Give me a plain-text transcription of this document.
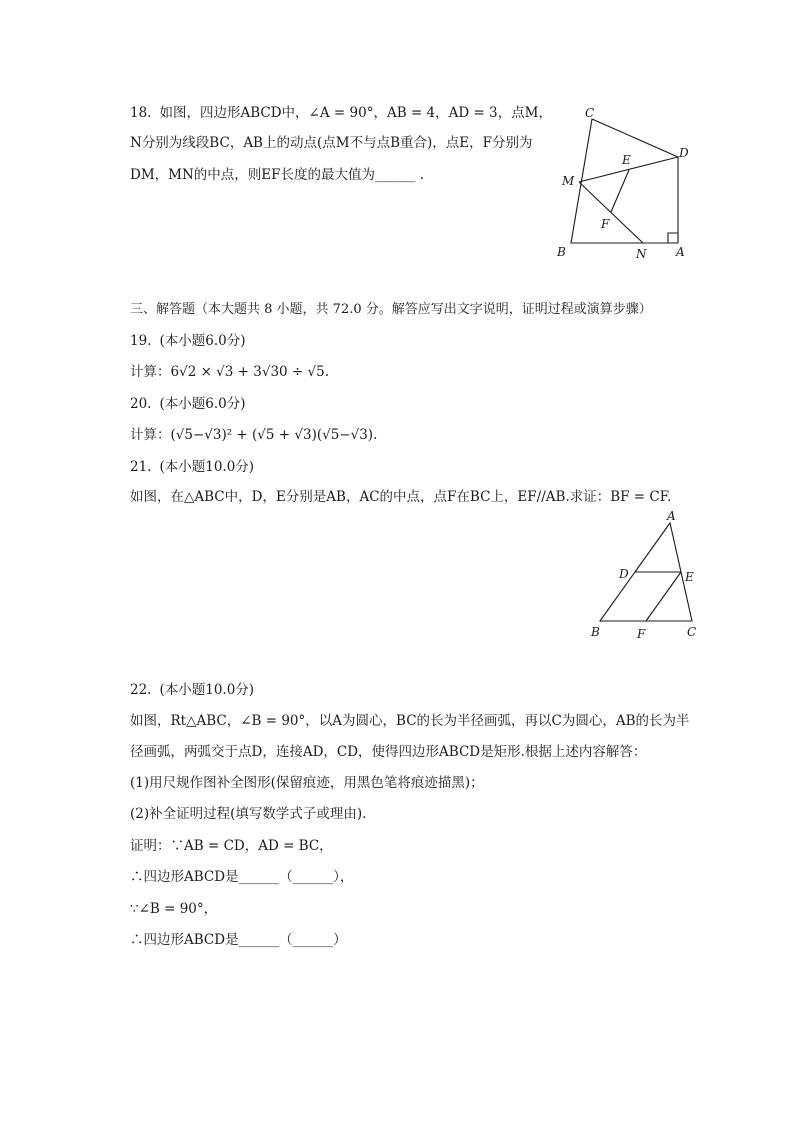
18. 如图，四边形ABCD中，∠A = 90°，AB = 4，AD = 3，点M，
N分别为线段BC，AB上的动点(点M不与点B重合)，点E，F分别为
DM，MN的中点，则EF长度的最大值为______ .
C
D
E
M
F
B	N A
三、解答题（本大题共 8 小题，共 72.0 分。解答应写出文字说明，证明过程或演算步骤）
19. (本小题6.0分)
计算：6√2 × √3 + 3√30 ÷ √5.
20. (本小题6.0分)
计算：(√5−√3)² + (√5 + √3)(√5−√3).
21. (本小题10.0分)
如图，在△ABC中，D，E分别是AB，AC的中点，点F在BC上，EF//AB.求证：BF = CF.
A
D	E
B	F	C
22. (本小题10.0分)
如图，Rt△ABC，∠B = 90°，以A为圆心，BC的长为半径画弧，再以C为圆心，AB的长为半
径画弧，两弧交于点D，连接AD，CD，使得四边形ABCD是矩形.根据上述内容解答：
(1)用尺规作图补全图形(保留痕迹，用黑色笔将痕迹描黑)；
(2)补全证明过程(填写数学式子或理由).
证明：∵AB = CD，AD = BC，
∴四边形ABCD是______（______），
∵∠B = 90°，
∴四边形ABCD是______（______）
